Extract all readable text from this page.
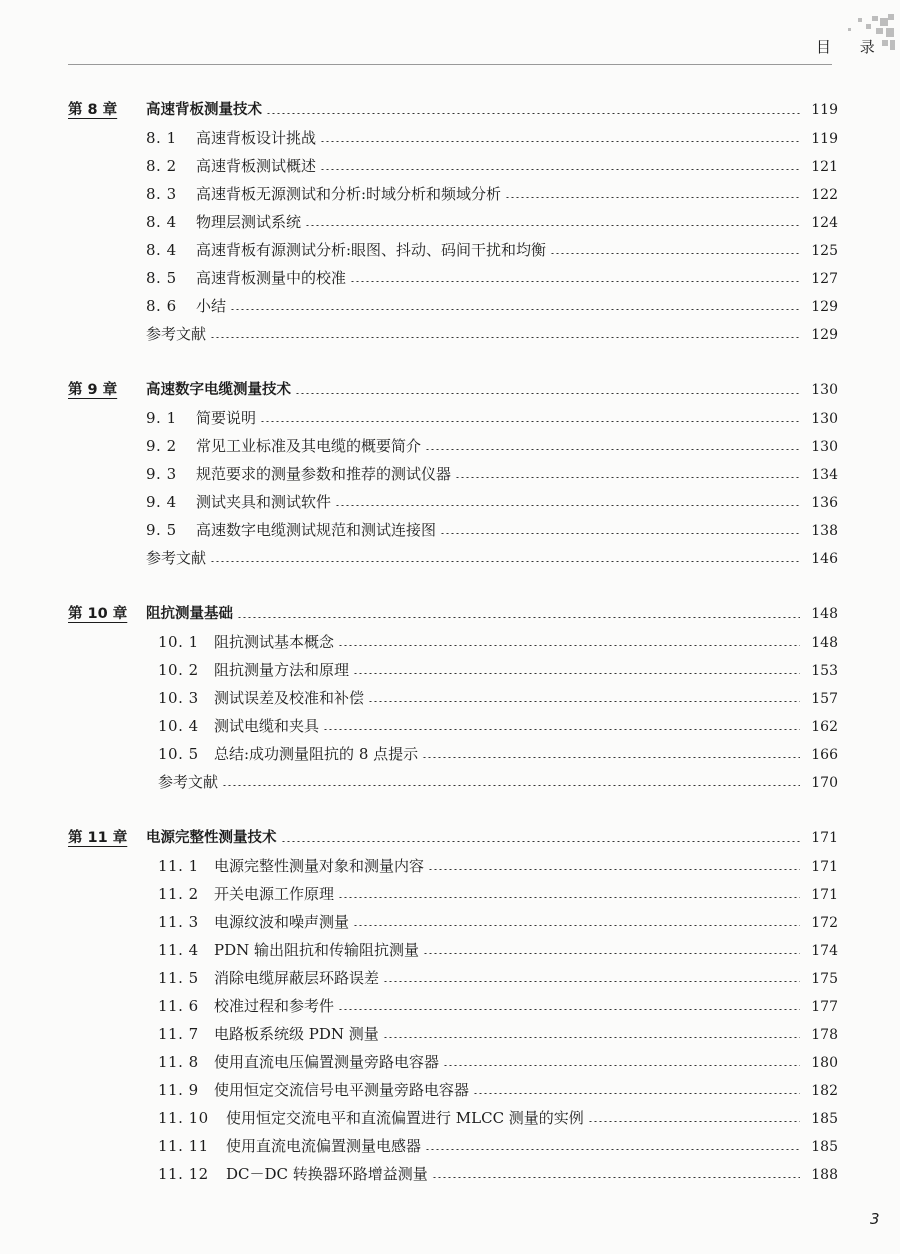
目 录
第 8 章	高速背板测量技术	119
8. 1	高速背板设计挑战	119
8. 2	高速背板测试概述	121
8. 3	高速背板无源测试和分析:时域分析和频域分析	122
8. 4	物理层测试系统	124
8. 4	高速背板有源测试分析:眼图、抖动、码间干扰和均衡	125
8. 5	高速背板测量中的校准	127
8. 6	小结	129
参考文献	129
第 9 章	高速数字电缆测量技术	130
9. 1	简要说明	130
9. 2	常见工业标准及其电缆的概要简介	130
9. 3	规范要求的测量参数和推荐的测试仪器	134
9. 4	测试夹具和测试软件	136
9. 5	高速数字电缆测试规范和测试连接图	138
参考文献	146
第 10 章	阻抗测量基础	148
10. 1	阻抗测试基本概念	148
10. 2	阻抗测量方法和原理	153
10. 3	测试误差及校准和补偿	157
10. 4	测试电缆和夹具	162
10. 5	总结:成功测量阻抗的 8 点提示	166
参考文献	170
第 11 章	电源完整性测量技术	171
11. 1	电源完整性测量对象和测量内容	171
11. 2	开关电源工作原理	171
11. 3	电源纹波和噪声测量	172
11. 4	PDN 输出阻抗和传输阻抗测量	174
11. 5	消除电缆屏蔽层环路误差	175
11. 6	校准过程和参考件	177
11. 7	电路板系统级 PDN 测量	178
11. 8	使用直流电压偏置测量旁路电容器	180
11. 9	使用恒定交流信号电平测量旁路电容器	182
11. 10	使用恒定交流电平和直流偏置进行 MLCC 测量的实例	185
11. 11	使用直流电流偏置测量电感器	185
11. 12	DC－DC 转换器环路增益测量	188
3
